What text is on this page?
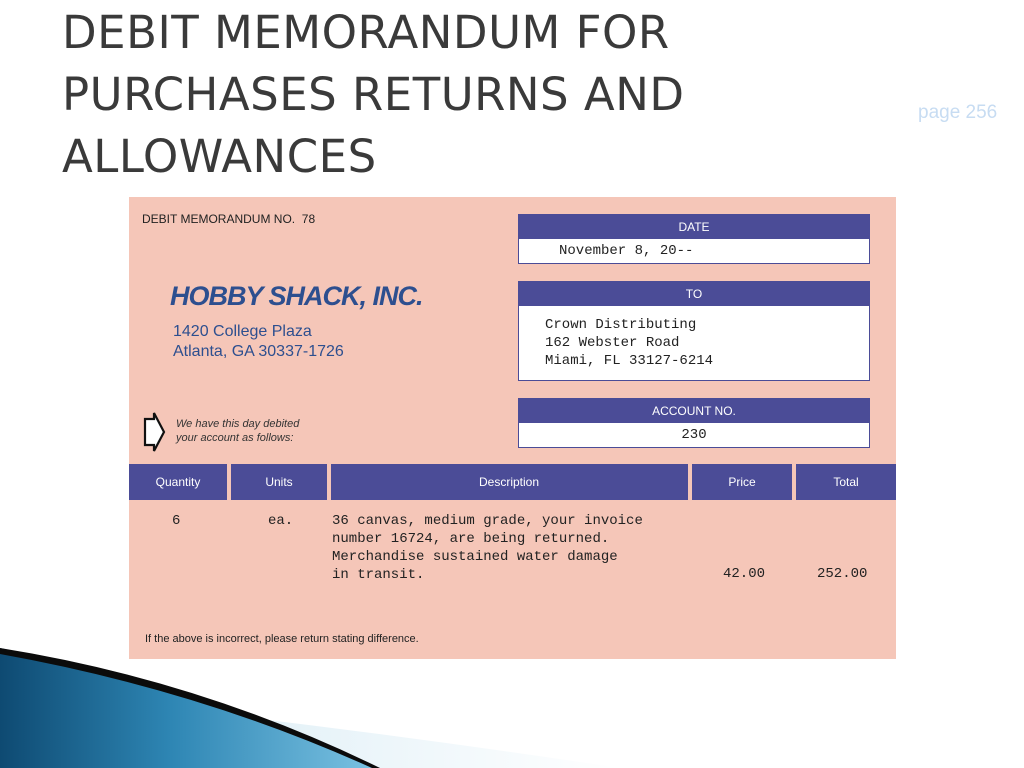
DEBIT MEMORANDUM FOR
PURCHASES RETURNS AND
ALLOWANCES
page 256
DEBIT MEMORANDUM NO. 78
DATE
November 8, 20--
TO
Crown Distributing
162 Webster Road
Miami, FL 33127-6214
ACCOUNT NO.
230
HOBBY SHACK, INC.
1420 College Plaza
Atlanta, GA 30337-1726
We have this day debited
your account as follows:
Quantity	Units	Description	Price	Total
6	ea.	36 canvas, medium grade, your invoice
number 16724, are being returned.
Merchandise sustained water damage
in transit.	42.00	252.00
If the above is incorrect, please return stating difference.
